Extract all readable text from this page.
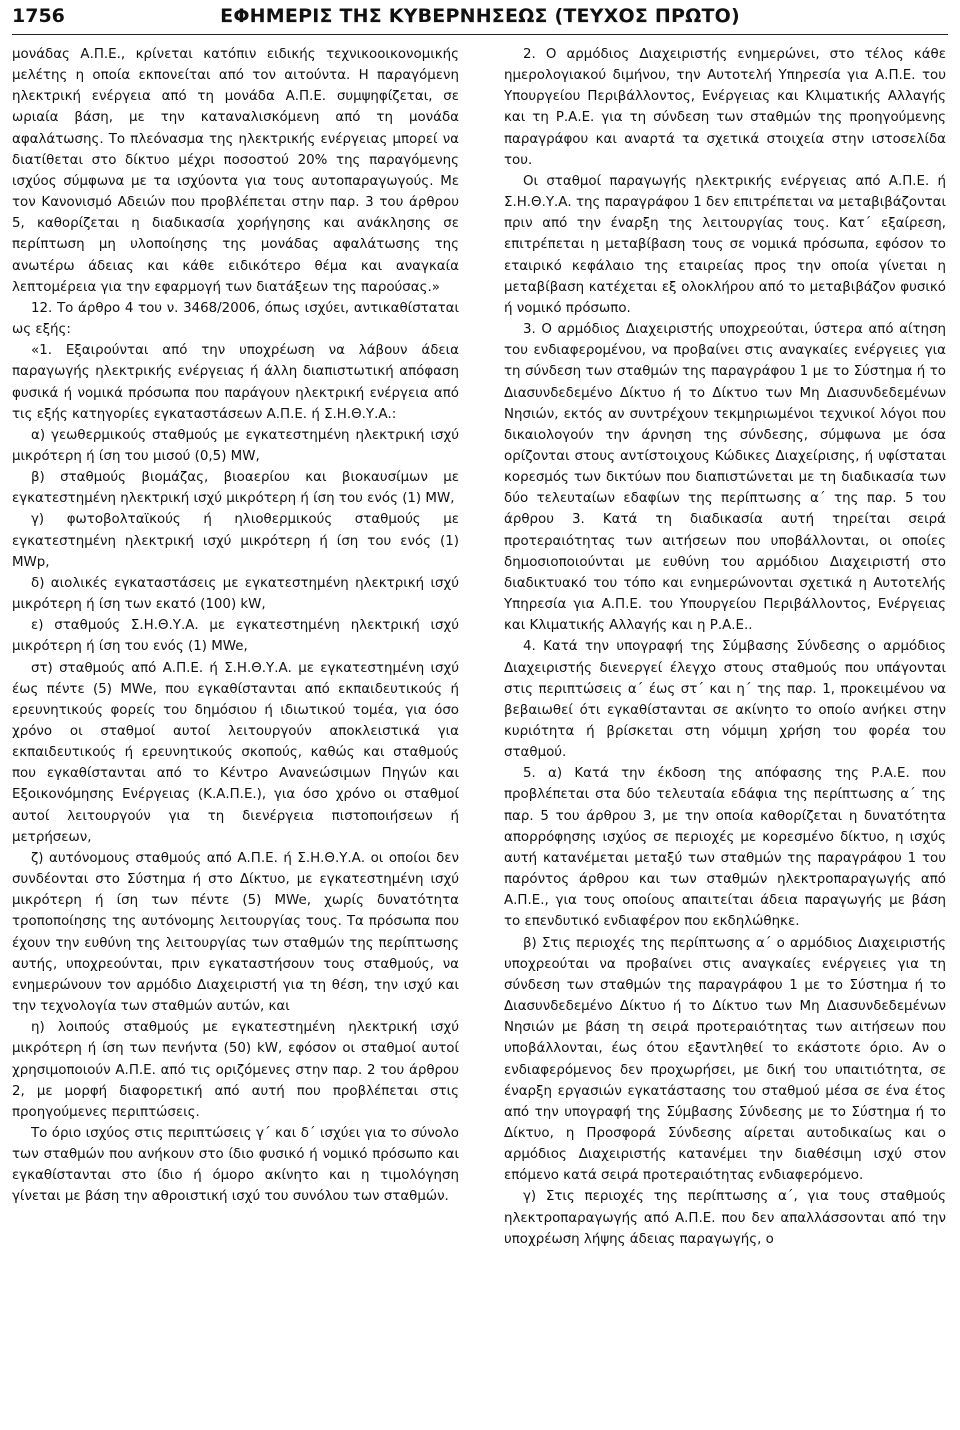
1756	ΕΦΗΜΕΡΙΣ ΤΗΣ ΚΥΒΕΡΝΗΣΕΩΣ (ΤΕΥΧΟΣ ΠΡΩΤΟ)

μονάδας Α.Π.Ε., κρίνεται κατόπιν ειδικής τεχνικοοικονομικής μελέτης η οποία εκπονείται από τον αιτούντα. Η παραγόμενη ηλεκτρική ενέργεια από τη μονάδα Α.Π.Ε. συμψηφίζεται, σε ωριαία βάση, με την καταναλισκόμενη από τη μονάδα αφαλάτωσης. Το πλεόνασμα της ηλεκτρικής ενέργειας μπορεί να διατίθεται στο δίκτυο μέχρι ποσοστού 20% της παραγόμενης ισχύος σύμφωνα με τα ισχύοντα για τους αυτοπαραγωγούς. Με τον Κανονισμό Αδειών που προβλέπεται στην παρ. 3 του άρθρου 5, καθορίζεται η διαδικασία χορήγησης και ανάκλησης σε περίπτωση μη υλοποίησης της μονάδας αφαλάτωσης της ανωτέρω άδειας και κάθε ειδικότερο θέμα και αναγκαία λεπτομέρεια για την εφαρμογή των διατάξεων της παρούσας.»

12. Το άρθρο 4 του ν. 3468/2006, όπως ισχύει, αντικαθίσταται ως εξής:

«1. Εξαιρούνται από την υποχρέωση να λάβουν άδεια παραγωγής ηλεκτρικής ενέργειας ή άλλη διαπιστωτική απόφαση φυσικά ή νομικά πρόσωπα που παράγουν ηλεκτρική ενέργεια από τις εξής κατηγορίες εγκαταστάσεων Α.Π.Ε. ή Σ.Η.Θ.Υ.Α.:

α) γεωθερμικούς σταθμούς με εγκατεστημένη ηλεκτρική ισχύ μικρότερη ή ίση του μισού (0,5) MW,

β) σταθμούς βιομάζας, βιοαερίου και βιοκαυσίμων με εγκατεστημένη ηλεκτρική ισχύ μικρότερη ή ίση του ενός (1) MW,

γ) φωτοβολταϊκούς ή ηλιοθερμικούς σταθμούς με εγκατεστημένη ηλεκτρική ισχύ μικρότερη ή ίση του ενός (1) MWp,

δ) αιολικές εγκαταστάσεις με εγκατεστημένη ηλεκτρική ισχύ μικρότερη ή ίση των εκατό (100) kW,

ε) σταθμούς Σ.Η.Θ.Υ.Α. με εγκατεστημένη ηλεκτρική ισχύ μικρότερη ή ίση του ενός (1) MWe,

στ) σταθμούς από Α.Π.Ε. ή Σ.Η.Θ.Υ.Α. με εγκατεστημένη ισχύ έως πέντε (5) MWe, που εγκαθίστανται από εκπαιδευτικούς ή ερευνητικούς φορείς του δημόσιου ή ιδιωτικού τομέα, για όσο χρόνο οι σταθμοί αυτοί λειτουργούν αποκλειστικά για εκπαιδευτικούς ή ερευνητικούς σκοπούς, καθώς και σταθμούς που εγκαθίστανται από το Κέντρο Ανανεώσιμων Πηγών και Εξοικονόμησης Ενέργειας (Κ.Α.Π.Ε.), για όσο χρόνο οι σταθμοί αυτοί λειτουργούν για τη διενέργεια πιστοποιήσεων ή μετρήσεων,

ζ) αυτόνομους σταθμούς από Α.Π.Ε. ή Σ.Η.Θ.Υ.Α. οι οποίοι δεν συνδέονται στο Σύστημα ή στο Δίκτυο, με εγκατεστημένη ισχύ μικρότερη ή ίση των πέντε (5) MWe, χωρίς δυνατότητα τροποποίησης της αυτόνομης λειτουργίας τους. Τα πρόσωπα που έχουν την ευθύνη της λειτουργίας των σταθμών της περίπτωσης αυτής, υποχρεούνται, πριν εγκαταστήσουν τους σταθμούς, να ενημερώνουν τον αρμόδιο Διαχειριστή για τη θέση, την ισχύ και την τεχνολογία των σταθμών αυτών, και

η) λοιπούς σταθμούς με εγκατεστημένη ηλεκτρική ισχύ μικρότερη ή ίση των πενήντα (50) kW, εφόσον οι σταθμοί αυτοί χρησιμοποιούν Α.Π.Ε. από τις οριζόμενες στην παρ. 2 του άρθρου 2, με μορφή διαφορετική από αυτή που προβλέπεται στις προηγούμενες περιπτώσεις.

Το όριο ισχύος στις περιπτώσεις γ΄ και δ΄ ισχύει για το σύνολο των σταθμών που ανήκουν στο ίδιο φυσικό ή νομικό πρόσωπο και εγκαθίστανται στο ίδιο ή όμορο ακίνητο και η τιμολόγηση γίνεται με βάση την αθροιστική ισχύ του συνόλου των σταθμών.

2. Ο αρμόδιος Διαχειριστής ενημερώνει, στο τέλος κάθε ημερολογιακού διμήνου, την Αυτοτελή Υπηρεσία για Α.Π.Ε. του Υπουργείου Περιβάλλοντος, Ενέργειας και Κλιματικής Αλλαγής και τη Ρ.Α.Ε. για τη σύνδεση των σταθμών της προηγούμενης παραγράφου και αναρτά τα σχετικά στοιχεία στην ιστοσελίδα του.

Οι σταθμοί παραγωγής ηλεκτρικής ενέργειας από Α.Π.Ε. ή Σ.Η.Θ.Υ.Α. της παραγράφου 1 δεν επιτρέπεται να μεταβιβάζονται πριν από την έναρξη της λειτουργίας τους. Κατ΄ εξαίρεση, επιτρέπεται η μεταβίβαση τους σε νομικά πρόσωπα, εφόσον το εταιρικό κεφάλαιο της εταιρείας προς την οποία γίνεται η μεταβίβαση κατέχεται εξ ολοκλήρου από το μεταβιβάζον φυσικό ή νομικό πρόσωπο.

3. Ο αρμόδιος Διαχειριστής υποχρεούται, ύστερα από αίτηση του ενδιαφερομένου, να προβαίνει στις αναγκαίες ενέργειες για τη σύνδεση των σταθμών της παραγράφου 1 με το Σύστημα ή το Διασυνδεδεμένο Δίκτυο ή το Δίκτυο των Μη Διασυνδεδεμένων Νησιών, εκτός αν συντρέχουν τεκμηριωμένοι τεχνικοί λόγοι που δικαιολογούν την άρνηση της σύνδεσης, σύμφωνα με όσα ορίζονται στους αντίστοιχους Κώδικες Διαχείρισης, ή υφίσταται κορεσμός των δικτύων που διαπιστώνεται με τη διαδικασία των δύο τελευταίων εδαφίων της περίπτωσης α΄ της παρ. 5 του άρθρου 3. Κατά τη διαδικασία αυτή τηρείται σειρά προτεραιότητας των αιτήσεων που υποβάλλονται, οι οποίες δημοσιοποιούνται με ευθύνη του αρμόδιου Διαχειριστή στο διαδικτυακό του τόπο και ενημερώνονται σχετικά η Αυτοτελής Υπηρεσία για Α.Π.Ε. του Υπουργείου Περιβάλλοντος, Ενέργειας και Κλιματικής Αλλαγής και η Ρ.Α.Ε..

4. Κατά την υπογραφή της Σύμβασης Σύνδεσης ο αρμόδιος Διαχειριστής διενεργεί έλεγχο στους σταθμούς που υπάγονται στις περιπτώσεις α΄ έως στ΄ και η΄ της παρ. 1, προκειμένου να βεβαιωθεί ότι εγκαθίστανται σε ακίνητο το οποίο ανήκει στην κυριότητα ή βρίσκεται στη νόμιμη χρήση του φορέα του σταθμού.

5. α) Κατά την έκδοση της απόφασης της Ρ.Α.Ε. που προβλέπεται στα δύο τελευταία εδάφια της περίπτωσης α΄ της παρ. 5 του άρθρου 3, με την οποία καθορίζεται η δυνατότητα απορρόφησης ισχύος σε περιοχές με κορεσμένο δίκτυο, η ισχύς αυτή κατανέμεται μεταξύ των σταθμών της παραγράφου 1 του παρόντος άρθρου και των σταθμών ηλεκτροπαραγωγής από Α.Π.Ε., για τους οποίους απαιτείται άδεια παραγωγής με βάση το επενδυτικό ενδιαφέρον που εκδηλώθηκε.

β) Στις περιοχές της περίπτωσης α΄ ο αρμόδιος Διαχειριστής υποχρεούται να προβαίνει στις αναγκαίες ενέργειες για τη σύνδεση των σταθμών της παραγράφου 1 με το Σύστημα ή το Διασυνδεδεμένο Δίκτυο ή το Δίκτυο των Μη Διασυνδεδεμένων Νησιών με βάση τη σειρά προτεραιότητας των αιτήσεων που υποβάλλονται, έως ότου εξαντληθεί το εκάστοτε όριο. Αν ο ενδιαφερόμενος δεν προχωρήσει, με δική του υπαιτιότητα, σε έναρξη εργασιών εγκατάστασης του σταθμού μέσα σε ένα έτος από την υπογραφή της Σύμβασης Σύνδεσης με το Σύστημα ή το Δίκτυο, η Προσφορά Σύνδεσης αίρεται αυτοδικαίως και ο αρμόδιος Διαχειριστής κατανέμει την διαθέσιμη ισχύ στον επόμενο κατά σειρά προτεραιότητας ενδιαφερόμενο.

γ) Στις περιοχές της περίπτωσης α΄, για τους σταθμούς ηλεκτροπαραγωγής από Α.Π.Ε. που δεν απαλλάσσονται από την υποχρέωση λήψης άδειας παραγωγής, ο
